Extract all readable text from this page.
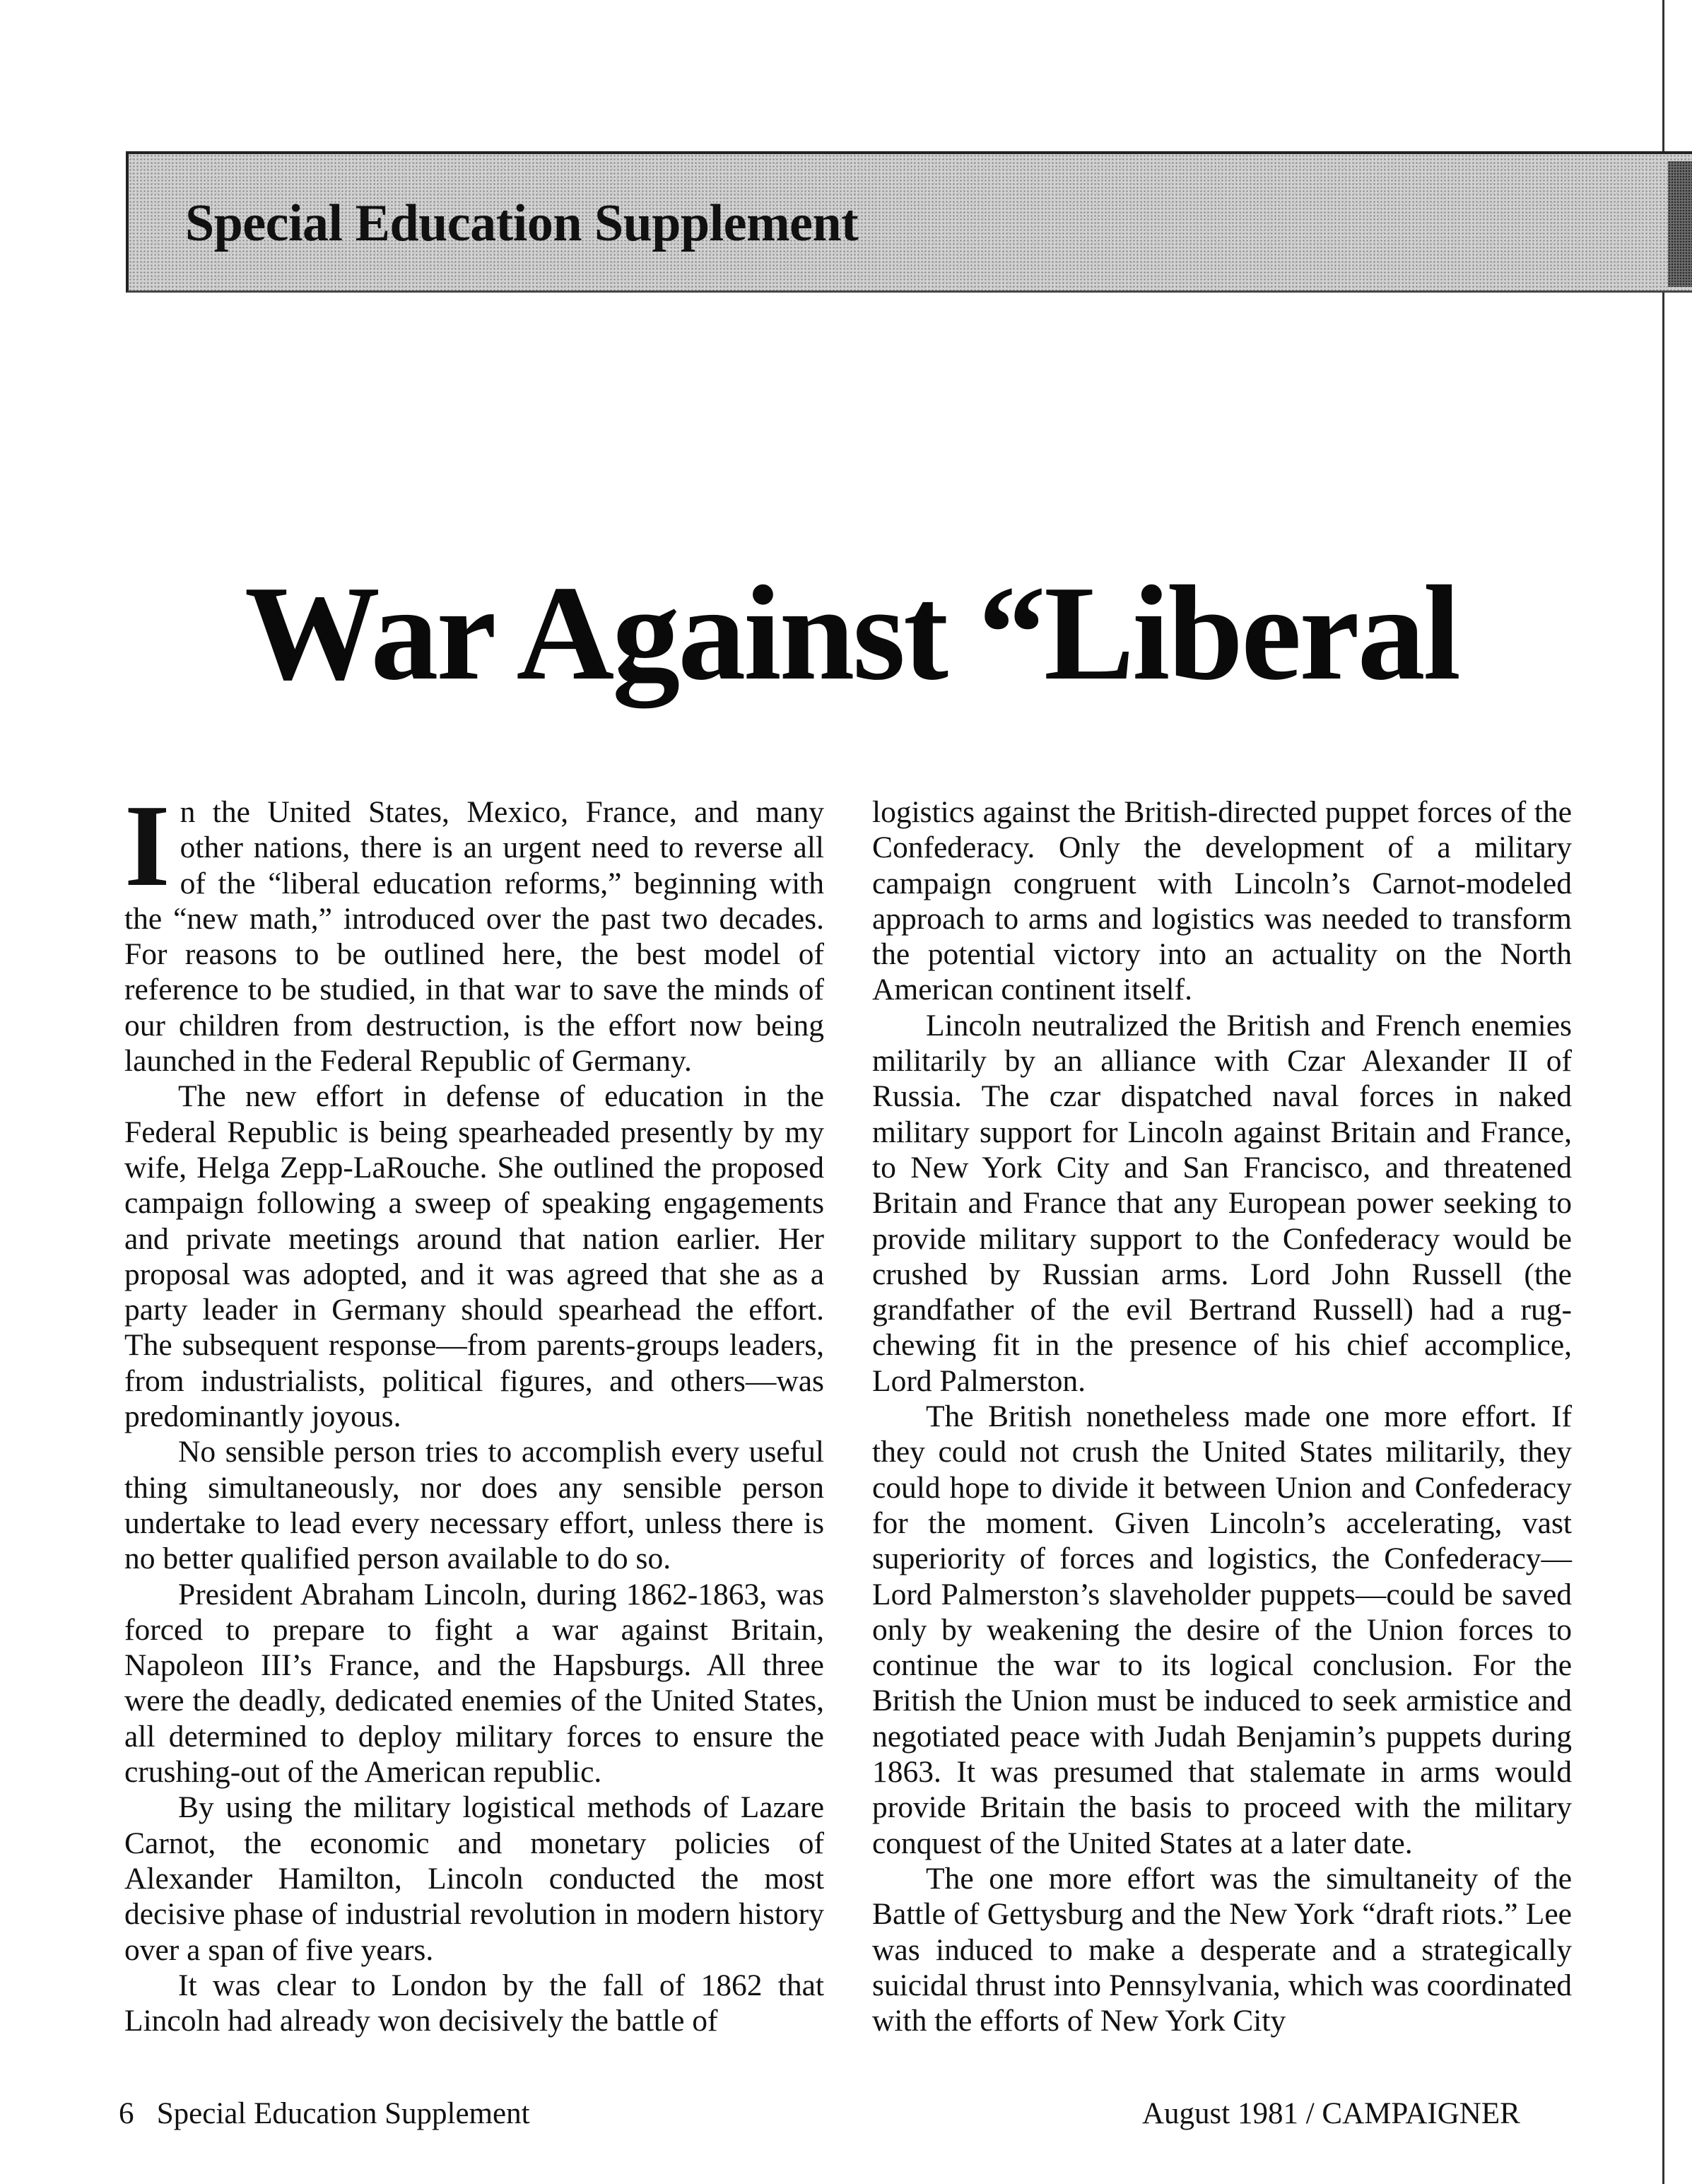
Special Education Supplement
War Against “Liberal

In the United States, Mexico, France, and many other nations, there is an urgent need to reverse all of the “liberal education reforms,” beginning with the “new math,” introduced over the past two decades. For reasons to be outlined here, the best model of reference to be studied, in that war to save the minds of our children from destruction, is the effort now being launched in the Federal Republic of Germany.

The new effort in defense of education in the Federal Republic is being spearheaded presently by my wife, Helga Zepp-LaRouche. She outlined the proposed campaign following a sweep of speaking engagements and private meetings around that nation earlier. Her proposal was adopted, and it was agreed that she as a party leader in Germany should spearhead the effort. The subsequent response—from parents-groups leaders, from industrialists, political figures, and others—was predominantly joyous.

No sensible person tries to accomplish every useful thing simultaneously, nor does any sensible person undertake to lead every necessary effort, unless there is no better qualified person available to do so.

President Abraham Lincoln, during 1862-1863, was forced to prepare to fight a war against Britain, Napoleon III’s France, and the Hapsburgs. All three were the deadly, dedicated enemies of the United States, all determined to deploy military forces to ensure the crushing-out of the American republic.

By using the military logistical methods of Lazare Carnot, the economic and monetary policies of Alexander Hamilton, Lincoln conducted the most decisive phase of industrial revolution in modern history over a span of five years.

It was clear to London by the fall of 1862 that Lincoln had already won decisively the battle of

logistics against the British-directed puppet forces of the Confederacy. Only the development of a military campaign congruent with Lincoln’s Carnot-modeled approach to arms and logistics was needed to transform the potential victory into an actuality on the North American continent itself.

Lincoln neutralized the British and French enemies militarily by an alliance with Czar Alexander II of Russia. The czar dispatched naval forces in naked military support for Lincoln against Britain and France, to New York City and San Francisco, and threatened Britain and France that any European power seeking to provide military support to the Confederacy would be crushed by Russian arms. Lord John Russell (the grandfather of the evil Bertrand Russell) had a rug-chewing fit in the presence of his chief accomplice, Lord Palmerston.

The British nonetheless made one more effort. If they could not crush the United States militarily, they could hope to divide it between Union and Confederacy for the moment. Given Lincoln’s accelerating, vast superiority of forces and logistics, the Confederacy—Lord Palmerston’s slaveholder puppets—could be saved only by weakening the desire of the Union forces to continue the war to its logical conclusion. For the British the Union must be induced to seek armistice and negotiated peace with Judah Benjamin’s puppets during 1863. It was presumed that stalemate in arms would provide Britain the basis to proceed with the military conquest of the United States at a later date.

The one more effort was the simultaneity of the Battle of Gettysburg and the New York “draft riots.” Lee was induced to make a desperate and a strategically suicidal thrust into Pennsylvania, which was coordinated with the efforts of New York City

6   Special Education Supplement	August 1981 / CAMPAIGNER
